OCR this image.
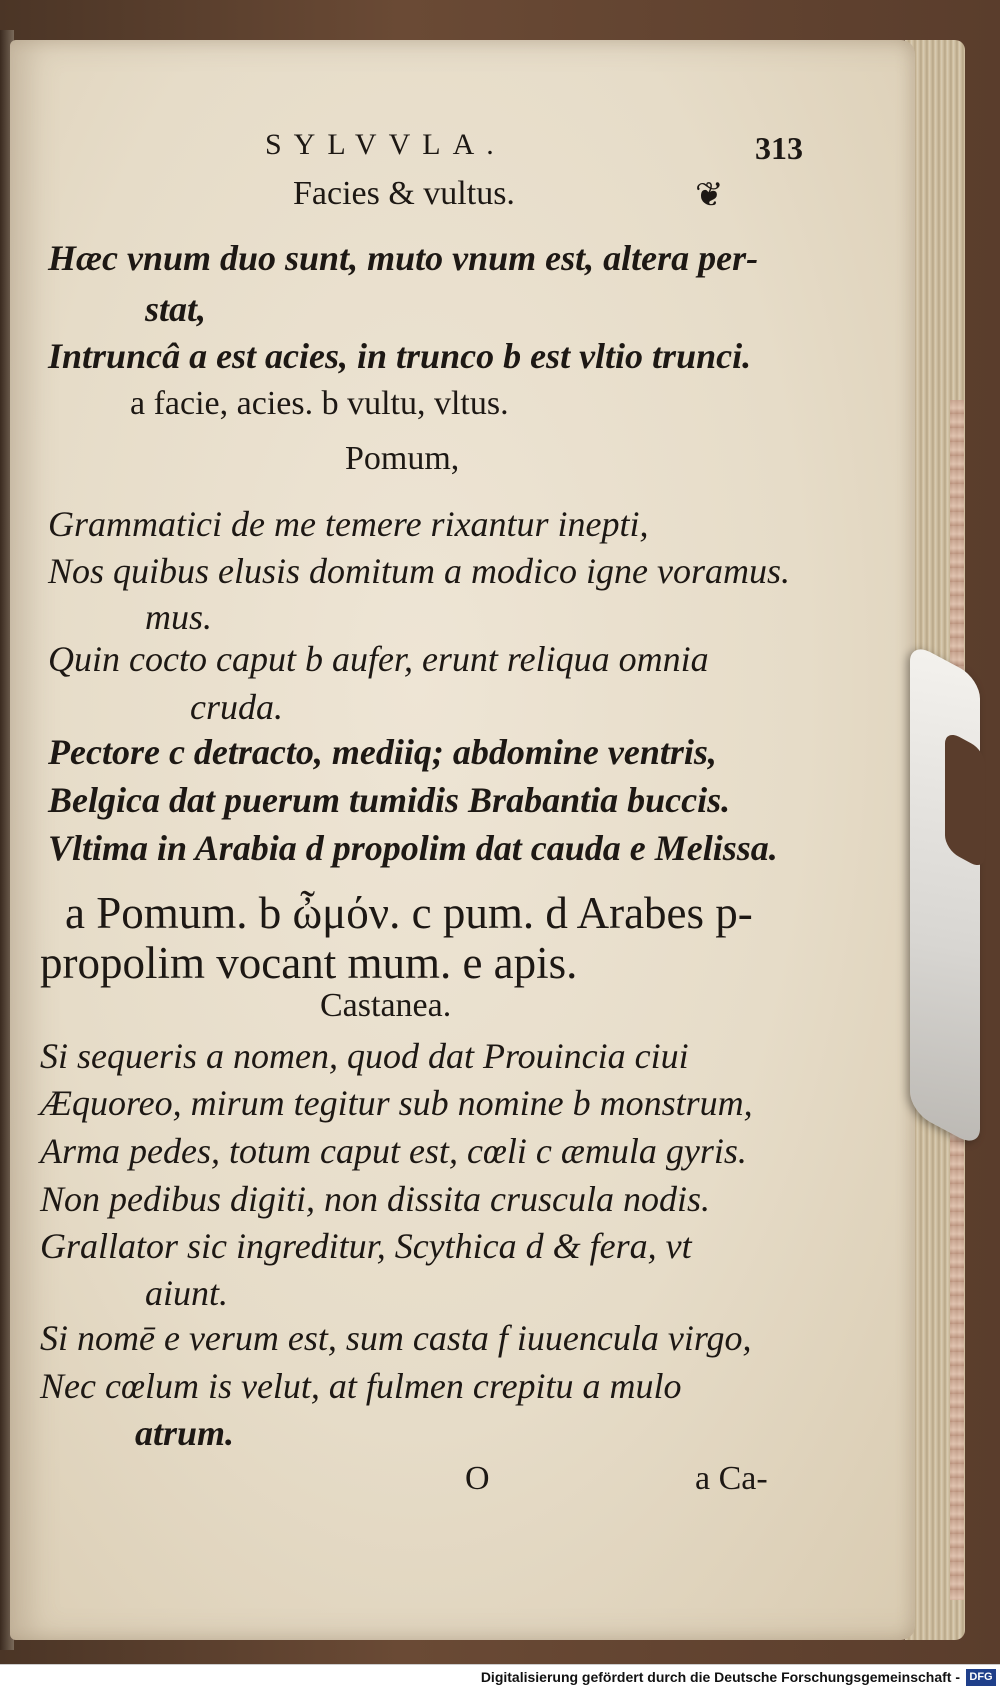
SYLVVLA.	313
Facies & vultus.	❦
Hæc vnum duo sunt, muto vnum est, altera per-
stat,
Intruncâ a est acies, in trunco b est vltio trunci.
a facie, acies. b vultu, vltus.
Pomum,
Grammatici de me temere rixantur inepti,
Nos quibus elusis domitum a modico igne voramus.
mus.
Quin cocto caput b aufer, erunt reliqua omnia
cruda.
Pectore c detracto, mediiq; abdomine ventris,
Belgica dat puerum tumidis Brabantia buccis.
Vltima in Arabia d propolim dat cauda e Melissa.
a Pomum. b ὦμόν. c pum. d Arabes p-
propolim vocant mum. e apis.
Castanea.
Si sequeris a nomen, quod dat Prouincia ciui
Æquoreo, mirum tegitur sub nomine b monstrum,
Arma pedes, totum caput est, cœli c æmula gyris.
Non pedibus digiti, non dissita cruscula nodis.
Grallator sic ingreditur, Scythica d & fera, vt
aiunt.
Si nomē e verum est, sum casta f iuuencula virgo,
Nec cœlum is velut, at fulmen crepitu a mulo
atrum.
O	a Ca-
Digitalisierung gefördert durch die Deutsche Forschungsgemeinschaft - DFG
